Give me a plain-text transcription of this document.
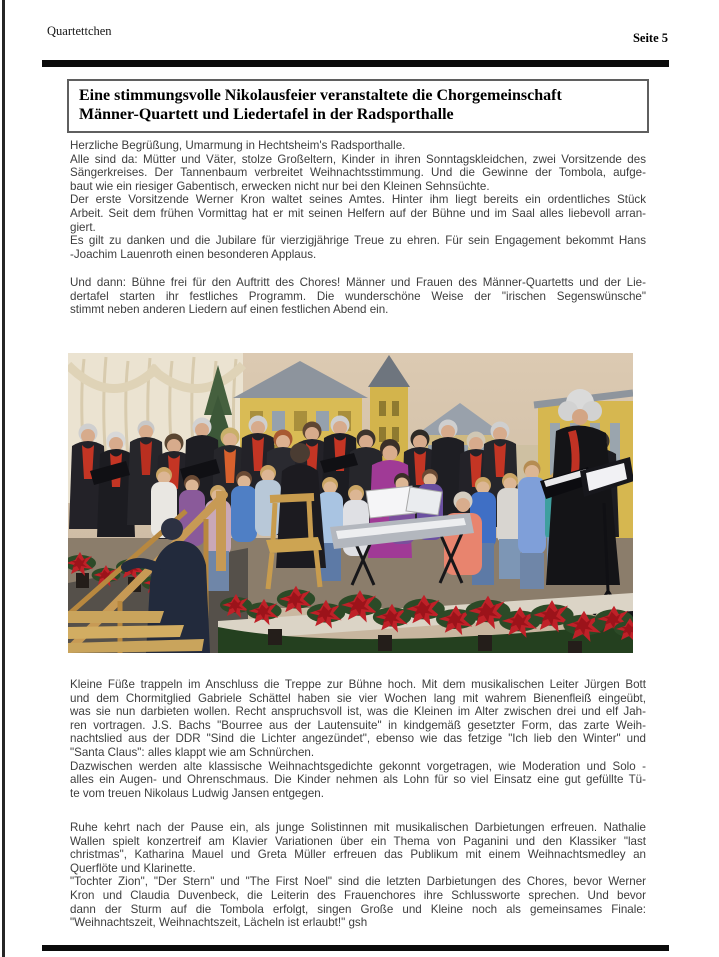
Quartettchen	Seite 5
Eine stimmungsvolle Nikolausfeier veranstaltete die Chorgemeinschaft
Männer-Quartett und Liedertafel in der Radsporthalle
Herzliche Begrüßung, Umarmung in Hechtsheim's Radsporthalle.
Alle sind da: Mütter und Väter, stolze Großeltern, Kinder in ihren Sonntagskleidchen, zwei Vorsitzende des
Sängerkreises. Der Tannenbaum verbreitet Weihnachtsstimmung. Und die Gewinne der Tombola, aufge-
baut wie ein riesiger Gabentisch, erwecken nicht nur bei den Kleinen Sehnsüchte.
Der erste Vorsitzende Werner Kron waltet seines Amtes. Hinter ihm liegt bereits ein ordentliches Stück
Arbeit. Seit dem frühen Vormittag hat er mit seinen Helfern auf der Bühne und im Saal alles liebevoll arran-
giert.
Es gilt zu danken und die Jubilare für vierzigjährige Treue zu ehren. Für sein Engagement bekommt Hans
-Joachim Lauenroth einen besonderen Applaus.
Und dann: Bühne frei für den Auftritt des Chores! Männer und Frauen des Männer-Quartetts und der Lie-
dertafel starten ihr festliches Programm. Die wunderschöne Weise der "irischen Segenswünsche"
stimmt neben anderen Liedern auf einen festlichen Abend ein.
Kleine Füße trappeln im Anschluss die Treppe zur Bühne hoch. Mit dem musikalischen Leiter Jürgen Bott
und dem Chormitglied Gabriele Schättel haben sie vier Wochen lang mit wahrem Bienenfleiß eingeübt,
was sie nun darbieten wollen. Recht anspruchsvoll ist, was die Kleinen im Alter zwischen drei und elf Jah-
ren vortragen. J.S. Bachs "Bourree aus der Lautensuite" in kindgemäß gesetzter Form, das zarte Weih-
nachtslied aus der DDR "Sind die Lichter angezündet", ebenso wie das fetzige "Ich lieb den Winter" und
"Santa Claus": alles klappt wie am Schnürchen.
Dazwischen werden alte klassische Weihnachtsgedichte gekonnt vorgetragen, wie Moderation und Solo -
alles ein Augen- und Ohrenschmaus. Die Kinder nehmen als Lohn für so viel Einsatz eine gut gefüllte Tü-
te vom treuen Nikolaus Ludwig Jansen entgegen.
Ruhe kehrt nach der Pause ein, als junge Solistinnen mit musikalischen Darbietungen erfreuen. Nathalie
Wallen spielt konzertreif am Klavier Variationen über ein Thema von Paganini und den Klassiker "last
christmas", Katharina Mauel und Greta Müller erfreuen das Publikum mit einem Weihnachtsmedley an
Querflöte und Klarinette.
"Tochter Zion", "Der Stern" und "The First Noel" sind die letzten Darbietungen des Chores, bevor Werner
Kron und Claudia Duvenbeck, die Leiterin des Frauenchores ihre Schlussworte sprechen. Und bevor
dann der Sturm auf die Tombola erfolgt, singen Große und Kleine noch als gemeinsames Finale:
"Weihnachtszeit, Weihnachtszeit, Lächeln ist erlaubt!" gsh
